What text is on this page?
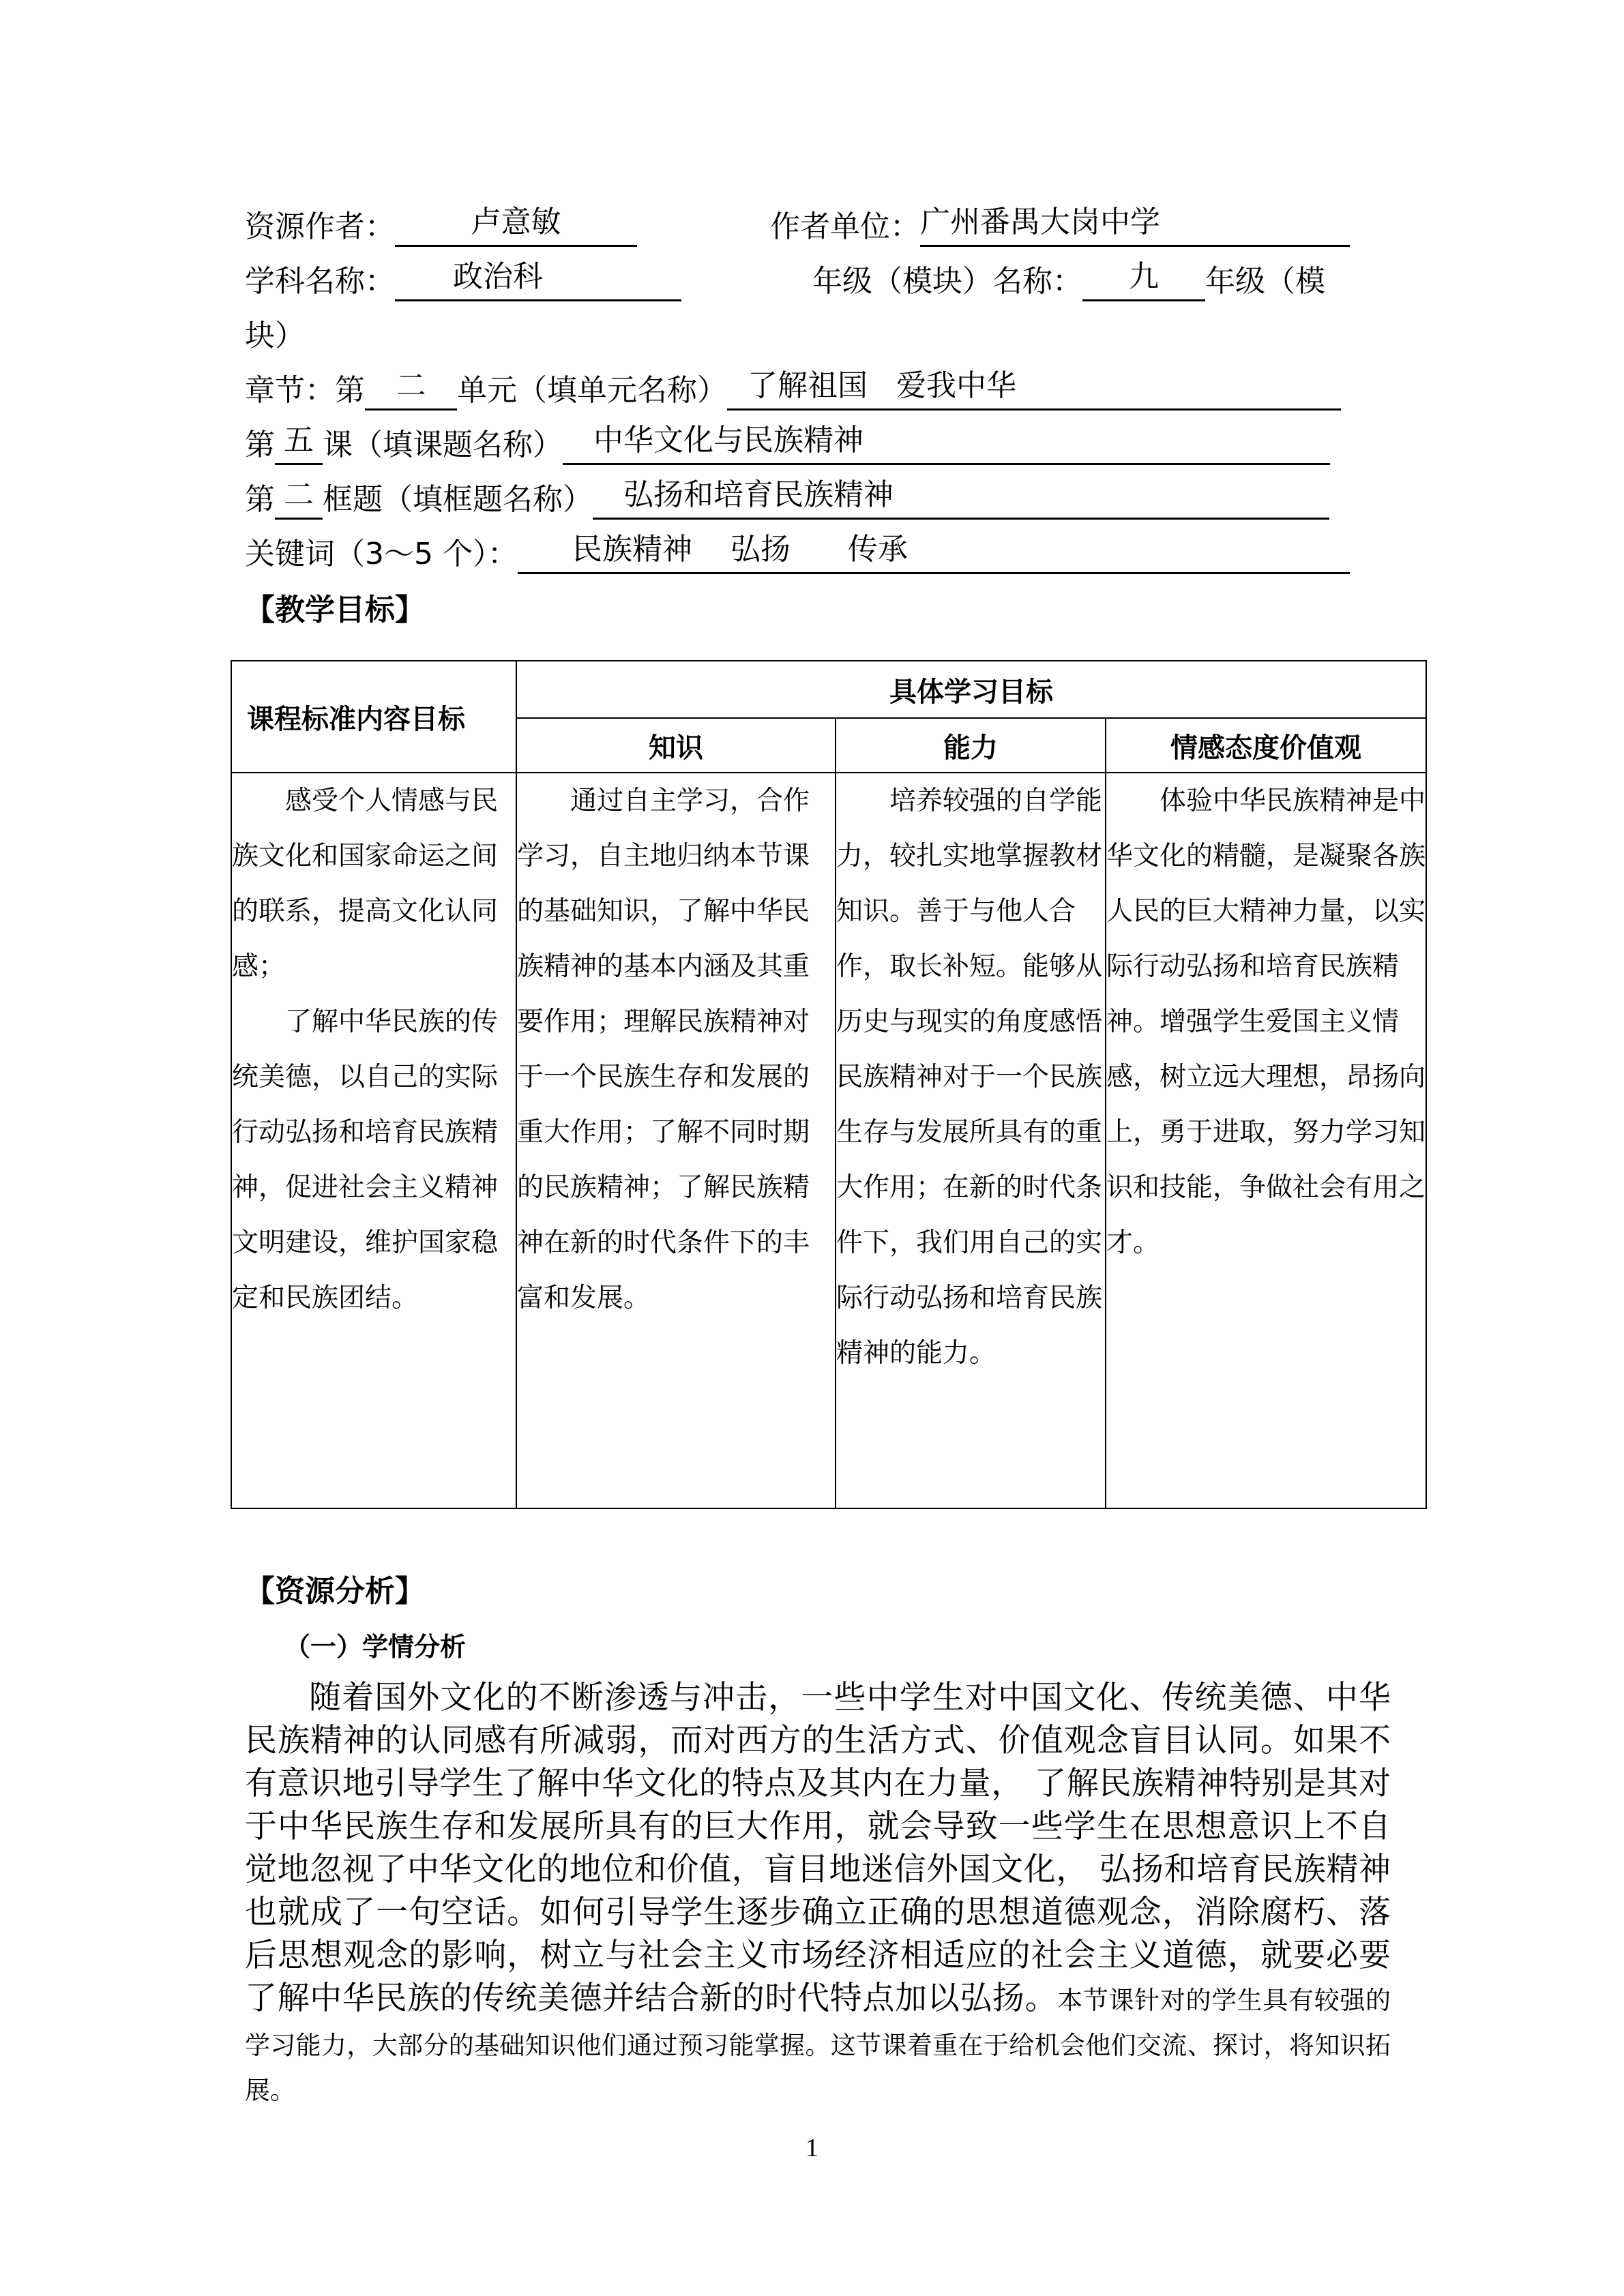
资源作者：	卢意敏	作者单位：广州番禺大岗中学
学科名称： 政治科	年级（模块）名称： 九 年级（模
块）
章节：第 二 单元（填单元名称） 了解祖国   爱我中华
第 五 课（填课题名称） 中华文化与民族精神
第 二 框题（填框题名称） 弘扬和培育民族精神
关键词（3～5 个）： 民族精神    弘扬      传承
【教学目标】
课程标准内容目标	具体学习目标		
	知识	能力	情感态度价值观

感受个人情感与民族文化和国家命运之间的联系，提高文化认同感；

了解中华民族的传统美德，以自己的实际行动弘扬和培育民族精神，促进社会主义精神文明建设，维护国家稳定和民族团结。	通过自主学习，合作学习，自主地归纳本节课的基础知识，了解中华民族精神的基本内涵及其重要作用；理解民族精神对于一个民族生存和发展的重大作用；了解不同时期的民族精神；了解民族精神在新的时代条件下的丰富和发展。	培养较强的自学能力，较扎实地掌握教材知识。善于与他人合作，取长补短。能够从历史与现实的角度感悟民族精神对于一个民族生存与发展所具有的重大作用；在新的时代条件下，我们用自己的实际行动弘扬和培育民族精神的能力。	体验中华民族精神是中华文化的精髓，是凝聚各族人民的巨大精神力量，以实际行动弘扬和培育民族精神。增强学生爱国主义情感，树立远大理想，昂扬向上，勇于进取，努力学习知识和技能，争做社会有用之才。
【资源分析】
（一）学情分析
随着国外文化的不断渗透与冲击，一些中学生对中国文化、传统美德、中华民族精神的认同感有所减弱，而对西方的生活方式、价值观念盲目认同。如果不有意识地引导学生了解中华文化的特点及其内在力量， 了解民族精神特别是其对于中华民族生存和发展所具有的巨大作用，就会导致一些学生在思想意识上不自觉地忽视了中华文化的地位和价值，盲目地迷信外国文化， 弘扬和培育民族精神也就成了一句空话。如何引导学生逐步确立正确的思想道德观念，消除腐朽、落后思想观念的影响，树立与社会主义市场经济相适应的社会主义道德，就要必要了解中华民族的传统美德并结合新的时代特点加以弘扬。本节课针对的学生具有较强的学习能力，大部分的基础知识他们通过预习能掌握。这节课着重在于给机会他们交流、探讨，将知识拓展。
1
